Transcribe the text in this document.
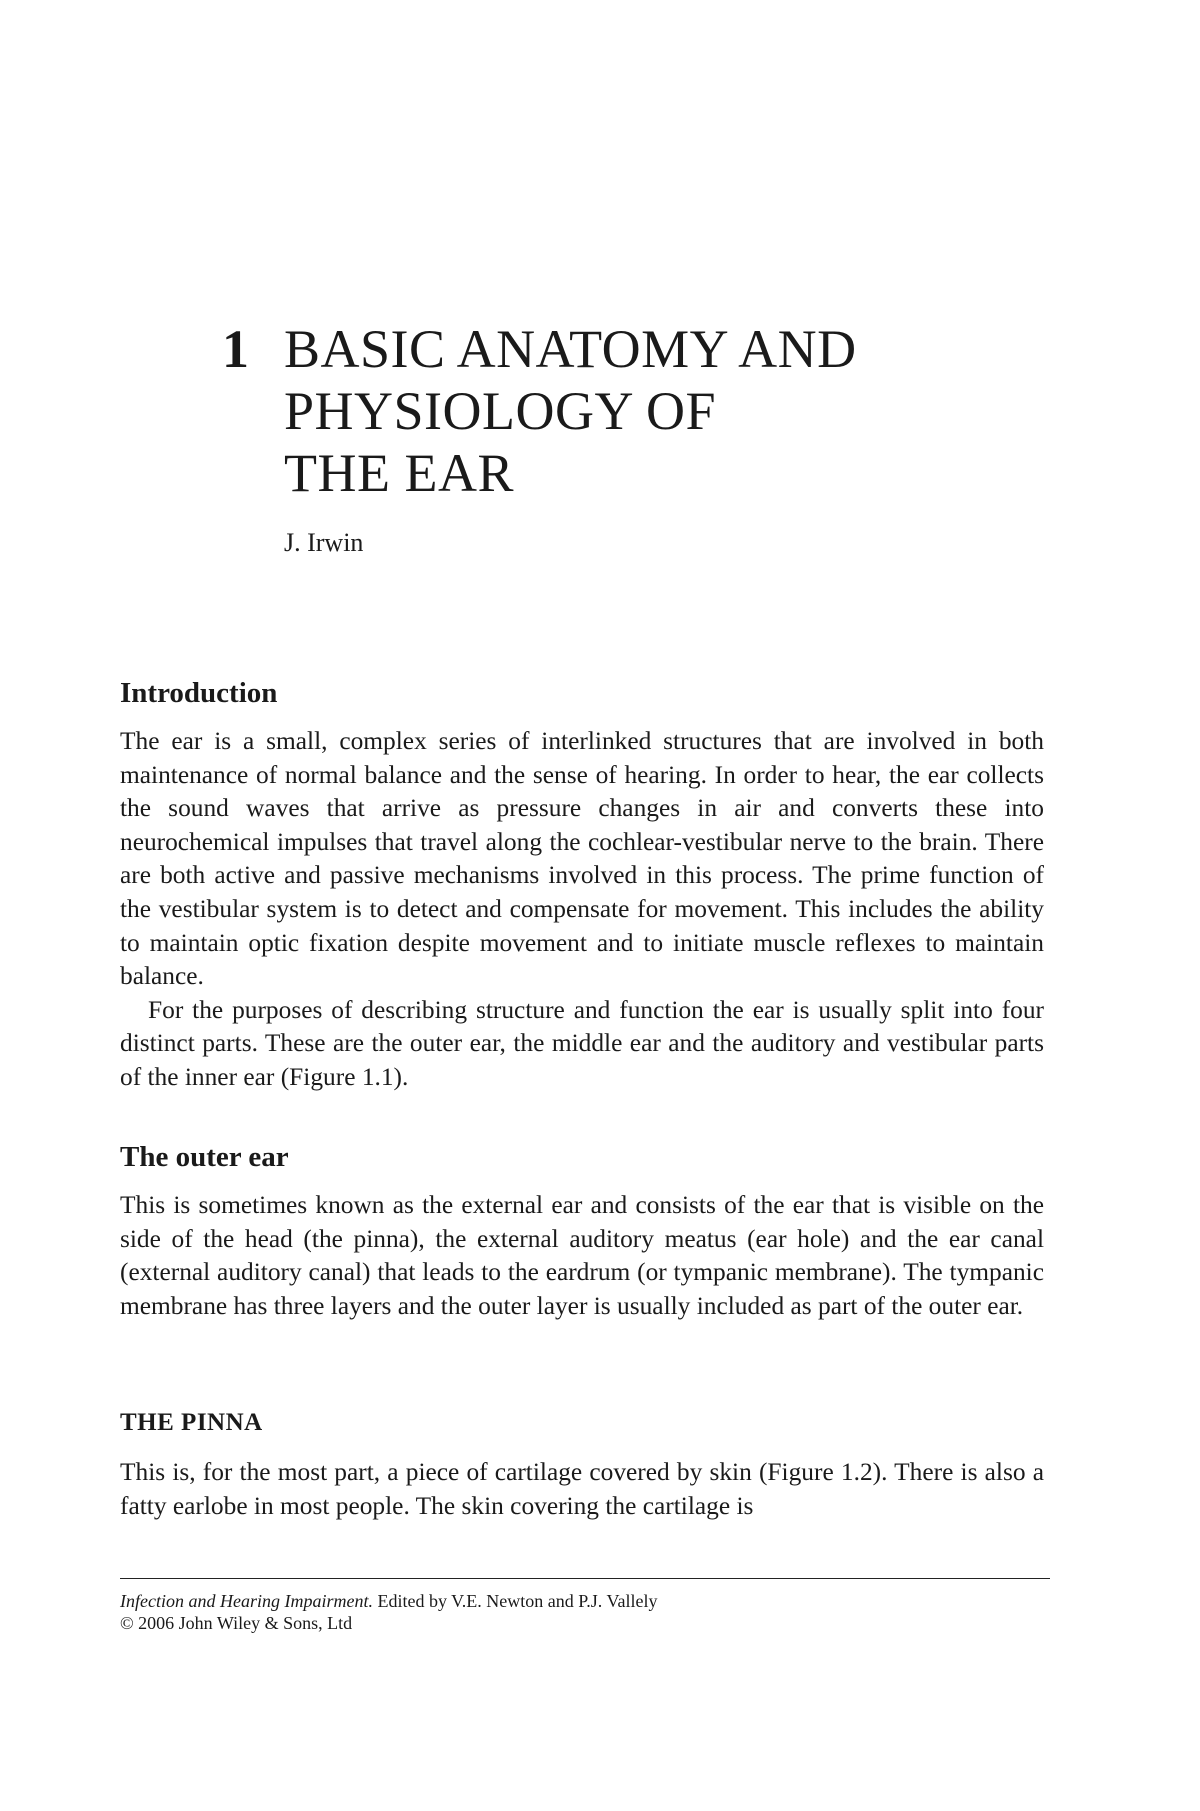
1 BASIC ANATOMY AND
PHYSIOLOGY OF
THE EAR
J. Irwin
Introduction

The ear is a small, complex series of interlinked structures that are involved in both maintenance of normal balance and the sense of hearing. In order to hear, the ear collects the sound waves that arrive as pressure changes in air and converts these into neurochemical impulses that travel along the cochlear-vestibular nerve to the brain. There are both active and passive mechanisms involved in this process. The prime function of the vestibular system is to detect and compensate for movement. This includes the ability to maintain optic fixation despite movement and to initiate muscle reflexes to maintain balance.

For the purposes of describing structure and function the ear is usually split into four distinct parts. These are the outer ear, the middle ear and the auditory and vestibular parts of the inner ear (Figure 1.1).

The outer ear

This is sometimes known as the external ear and consists of the ear that is visible on the side of the head (the pinna), the external auditory meatus (ear hole) and the ear canal (external auditory canal) that leads to the eardrum (or tympanic membrane). The tympanic membrane has three layers and the outer layer is usually included as part of the outer ear.

THE PINNA

This is, for the most part, a piece of cartilage covered by skin (Figure 1.2). There is also a fatty earlobe in most people. The skin covering the cartilage is

Infection and Hearing Impairment. Edited by V.E. Newton and P.J. Vallely
© 2006 John Wiley & Sons, Ltd
